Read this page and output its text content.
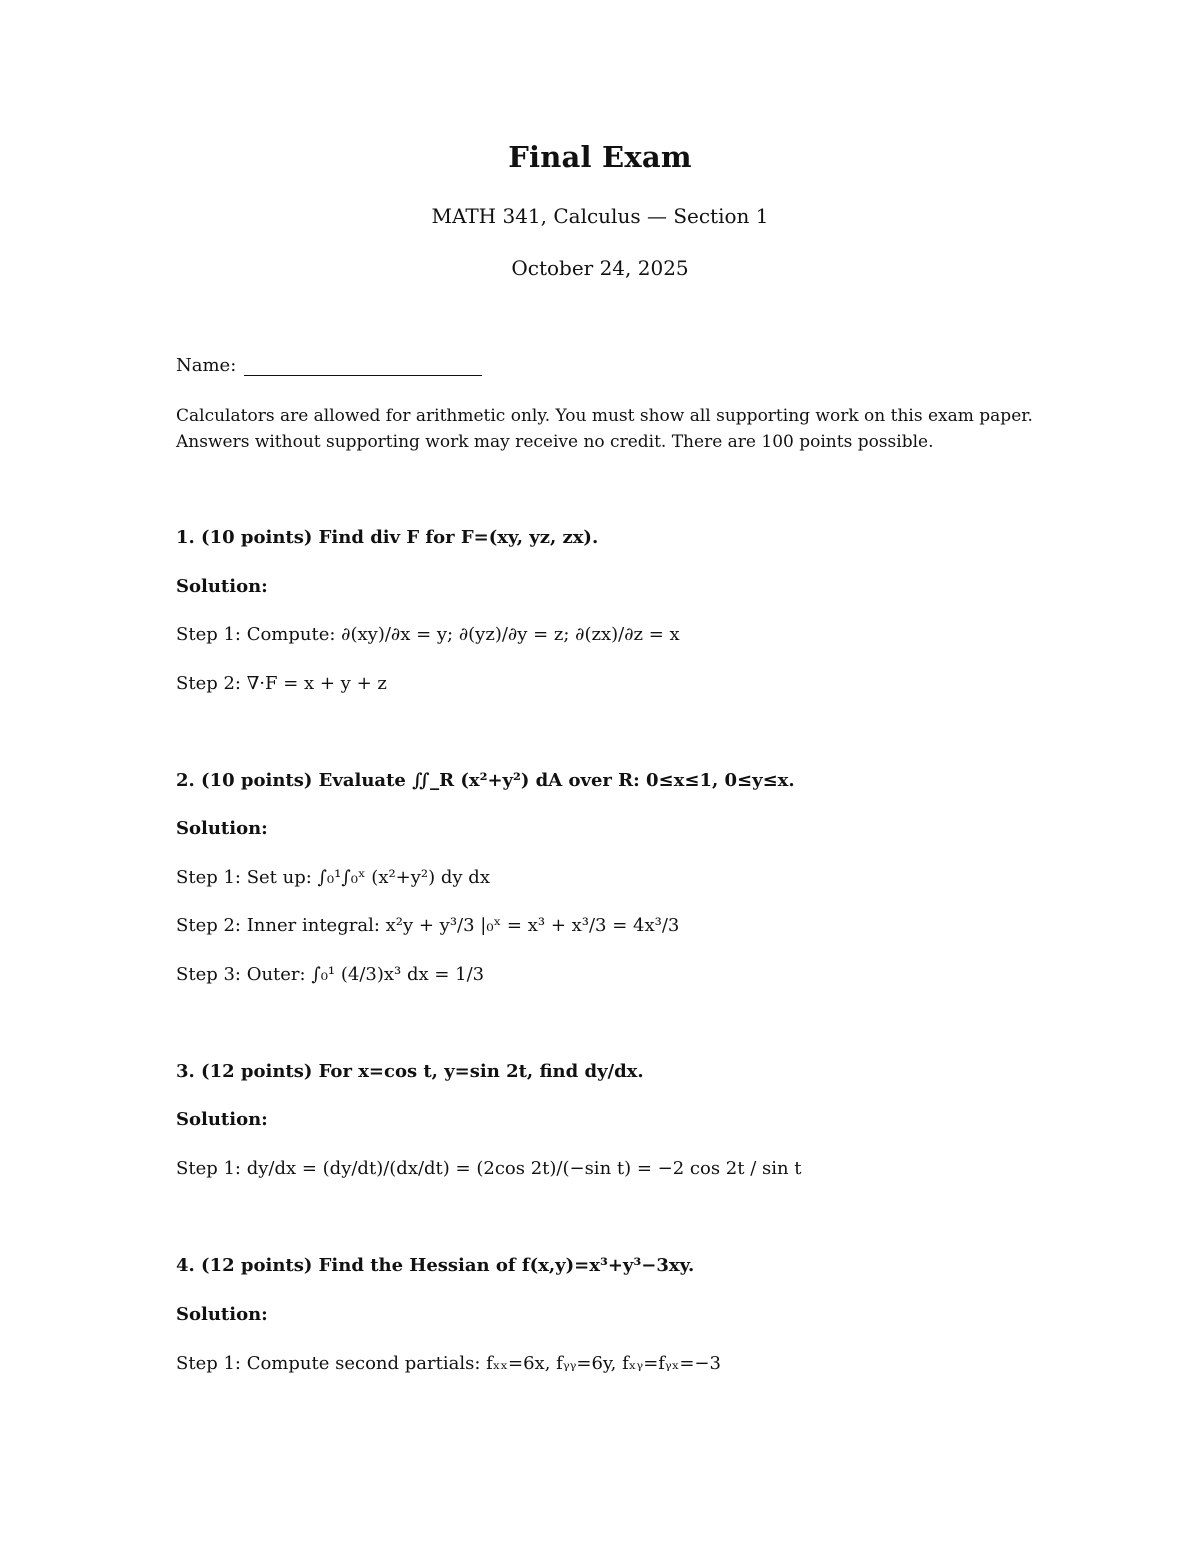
Final Exam
MATH 341, Calculus — Section 1
October 24, 2025
Name:
Calculators are allowed for arithmetic only. You must show all supporting work on this exam paper. Answers without supporting work may receive no credit. There are 100 points possible.
1. (10 points) Find div F for F=(xy, yz, zx).
Solution:
Step 1: Compute: ∂(xy)/∂x = y; ∂(yz)/∂y = z; ∂(zx)/∂z = x
Step 2: ∇·F = x + y + z
2. (10 points) Evaluate ∬_R (x²+y²) dA over R: 0≤x≤1, 0≤y≤x.
Solution:
Step 1: Set up: ∫₀¹∫₀ˣ (x²+y²) dy dx
Step 2: Inner integral: x²y + y³/3 |₀ˣ = x³ + x³/3 = 4x³/3
Step 3: Outer: ∫₀¹ (4/3)x³ dx = 1/3
3. (12 points) For x=cos t, y=sin 2t, find dy/dx.
Solution:
Step 1: dy/dx = (dy/dt)/(dx/dt) = (2cos 2t)/(−sin t) = −2 cos 2t / sin t
4. (12 points) Find the Hessian of f(x,y)=x³+y³−3xy.
Solution:
Step 1: Compute second partials: fₓₓ=6x, fᵧᵧ=6y, fₓᵧ=fᵧₓ=−3
